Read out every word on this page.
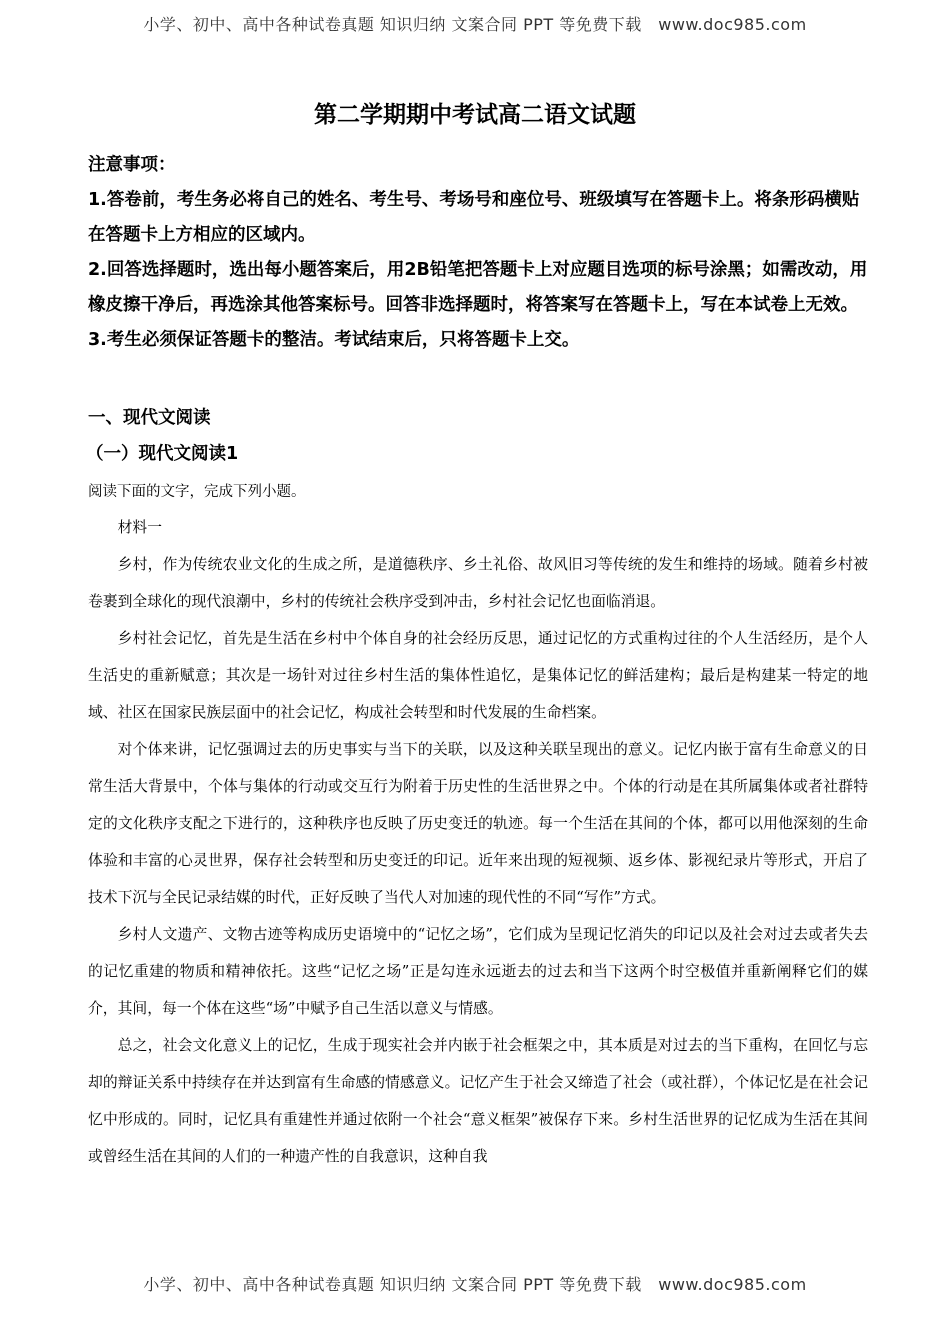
小学、初中、高中各种试卷真题 知识归纳 文案合同 PPT 等免费下载　www.doc985.com
第二学期期中考试高二语文试题

注意事项：

1.答卷前，考生务必将自己的姓名、考生号、考场号和座位号、班级填写在答题卡上。将条形码横贴在答题卡上方相应的区域内。

2.回答选择题时，选出每小题答案后，用2B铅笔把答题卡上对应题目选项的标号涂黑；如需改动，用橡皮擦干净后，再选涂其他答案标号。回答非选择题时，将答案写在答题卡上，写在本试卷上无效。

3.考生必须保证答题卡的整洁。考试结束后，只将答题卡上交。

一、现代文阅读
（一）现代文阅读1
阅读下面的文字，完成下列小题。

材料一

乡村，作为传统农业文化的生成之所，是道德秩序、乡土礼俗、故风旧习等传统的发生和维持的场域。随着乡村被卷裹到全球化的现代浪潮中，乡村的传统社会秩序受到冲击，乡村社会记忆也面临消退。

乡村社会记忆，首先是生活在乡村中个体自身的社会经历反思，通过记忆的方式重构过往的个人生活经历，是个人生活史的重新赋意；其次是一场针对过往乡村生活的集体性追忆，是集体记忆的鲜活建构；最后是构建某一特定的地域、社区在国家民族层面中的社会记忆，构成社会转型和时代发展的生命档案。

对个体来讲，记忆强调过去的历史事实与当下的关联，以及这种关联呈现出的意义。记忆内嵌于富有生命意义的日常生活大背景中，个体与集体的行动或交互行为附着于历史性的生活世界之中。个体的行动是在其所属集体或者社群特定的文化秩序支配之下进行的，这种秩序也反映了历史变迁的轨迹。每一个生活在其间的个体，都可以用他深刻的生命体验和丰富的心灵世界，保存社会转型和历史变迁的印记。近年来出现的短视频、返乡体、影视纪录片等形式，开启了技术下沉与全民记录结媒的时代，正好反映了当代人对加速的现代性的不同“写作”方式。

乡村人文遗产、文物古迹等构成历史语境中的“记忆之场”，它们成为呈现记忆消失的印记以及社会对过去或者失去的记忆重建的物质和精神依托。这些“记忆之场”正是勾连永远逝去的过去和当下这两个时空极值并重新阐释它们的媒介，其间，每一个体在这些“场”中赋予自己生活以意义与情感。

总之，社会文化意义上的记忆，生成于现实社会并内嵌于社会框架之中，其本质是对过去的当下重构，在回忆与忘却的辩证关系中持续存在并达到富有生命感的情感意义。记忆产生于社会又缔造了社会（或社群），个体记忆是在社会记忆中形成的。同时，记忆具有重建性并通过依附一个社会“意义框架”被保存下来。乡村生活世界的记忆成为生活在其间或曾经生活在其间的人们的一种遗产性的自我意识，这种自我

小学、初中、高中各种试卷真题 知识归纳 文案合同 PPT 等免费下载　www.doc985.com
